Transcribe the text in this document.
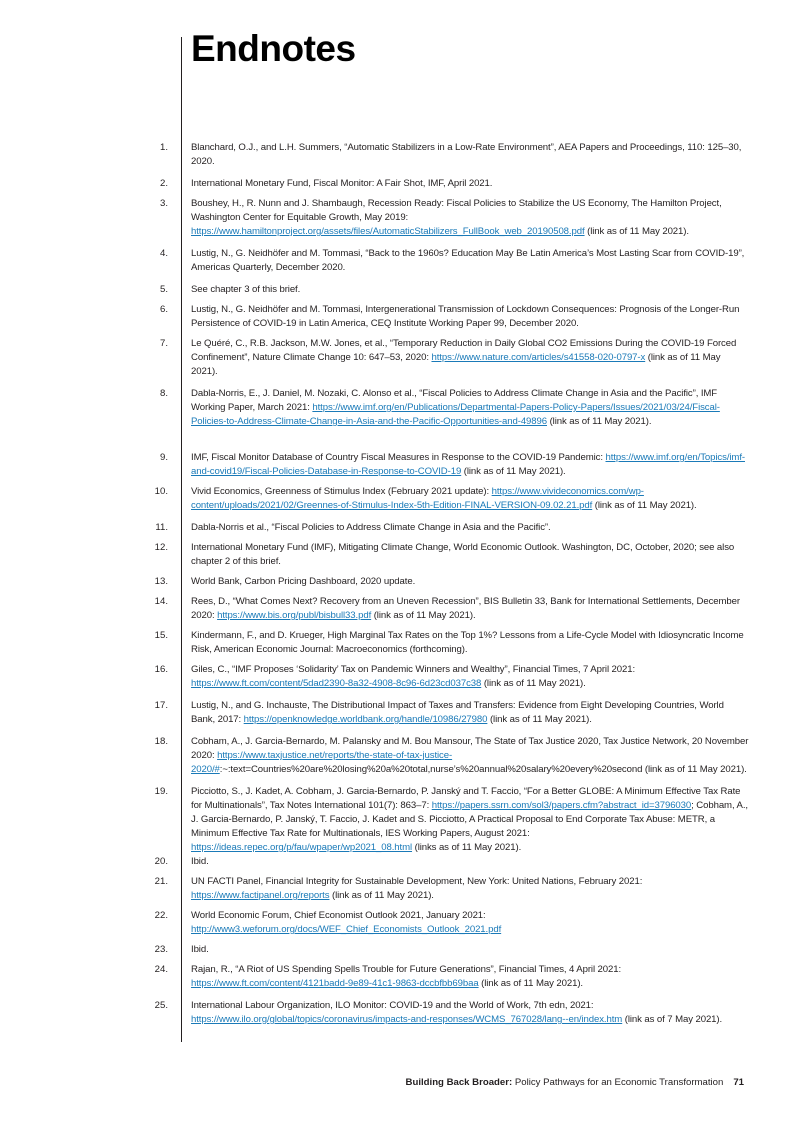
Endnotes
1. Blanchard, O.J., and L.H. Summers, “Automatic Stabilizers in a Low-Rate Environment”, AEA Papers and Proceedings, 110: 125–30, 2020.
2. International Monetary Fund, Fiscal Monitor: A Fair Shot, IMF, April 2021.
3. Boushey, H., R. Nunn and J. Shambaugh, Recession Ready: Fiscal Policies to Stabilize the US Economy, The Hamilton Project, Washington Center for Equitable Growth, May 2019: https://www.hamiltonproject.org/assets/files/AutomaticStabilizers_FullBook_web_20190508.pdf (link as of 11 May 2021).
4. Lustig, N., G. Neidhöfer and M. Tommasi, “Back to the 1960s? Education May Be Latin America’s Most Lasting Scar from COVID-19”, Americas Quarterly, December 2020.
5. See chapter 3 of this brief.
6. Lustig, N., G. Neidhöfer and M. Tommasi, Intergenerational Transmission of Lockdown Consequences: Prognosis of the Longer-Run Persistence of COVID-19 in Latin America, CEQ Institute Working Paper 99, December 2020.
7. Le Quéré, C., R.B. Jackson, M.W. Jones, et al., “Temporary Reduction in Daily Global CO2 Emissions During the COVID-19 Forced Confinement”, Nature Climate Change 10: 647–53, 2020: https://www.nature.com/articles/s41558-020-0797-x (link as of 11 May 2021).
8. Dabla-Norris, E., J. Daniel, M. Nozaki, C. Alonso et al., “Fiscal Policies to Address Climate Change in Asia and the Pacific”, IMF Working Paper, March 2021: https://www.imf.org/en/Publications/Departmental-Papers-Policy-Papers/Issues/2021/03/24/Fiscal-Policies-to-Address-Climate-Change-in-Asia-and-the-Pacific-Opportunities-and-49896 (link as of 11 May 2021).
9. IMF, Fiscal Monitor Database of Country Fiscal Measures in Response to the COVID-19 Pandemic: https://www.imf.org/en/Topics/imf-and-covid19/Fiscal-Policies-Database-in-Response-to-COVID-19 (link as of 11 May 2021).
10. Vivid Economics, Greenness of Stimulus Index (February 2021 update): https://www.vivideconomics.com/wp-content/uploads/2021/02/Greennes-of-Stimulus-Index-5th-Edition-FINAL-VERSION-09.02.21.pdf (link as of 11 May 2021).
11. Dabla-Norris et al., “Fiscal Policies to Address Climate Change in Asia and the Pacific”.
12. International Monetary Fund (IMF), Mitigating Climate Change, World Economic Outlook. Washington, DC, October, 2020; see also chapter 2 of this brief.
13. World Bank, Carbon Pricing Dashboard, 2020 update.
14. Rees, D., “What Comes Next? Recovery from an Uneven Recession”, BIS Bulletin 33, Bank for International Settlements, December 2020: https://www.bis.org/publ/bisbull33.pdf (link as of 11 May 2021).
15. Kindermann, F., and D. Krueger, High Marginal Tax Rates on the Top 1%? Lessons from a Life-Cycle Model with Idiosyncratic Income Risk, American Economic Journal: Macroeconomics (forthcoming).
16. Giles, C., “IMF Proposes ‘Solidarity’ Tax on Pandemic Winners and Wealthy”, Financial Times, 7 April 2021: https://www.ft.com/content/5dad2390-8a32-4908-8c96-6d23cd037c38 (link as of 11 May 2021).
17. Lustig, N., and G. Inchauste, The Distributional Impact of Taxes and Transfers: Evidence from Eight Developing Countries, World Bank, 2017: https://openknowledge.worldbank.org/handle/10986/27980 (link as of 11 May 2021).
18. Cobham, A., J. Garcia-Bernardo, M. Palansky and M. Bou Mansour, The State of Tax Justice 2020, Tax Justice Network, 20 November 2020: https://www.taxjustice.net/reports/the-state-of-tax-justice-2020/#:~:text=Countries%20are%20losing%20a%20total,nurse’s%20annual%20salary%20every%20second (link as of 11 May 2021).
19. Picciotto, S., J. Kadet, A. Cobham, J. Garcia-Bernardo, P. Janský and T. Faccio, “For a Better GLOBE: A Minimum Effective Tax Rate for Multinationals”, Tax Notes International 101(7): 863–7: https://papers.ssrn.com/sol3/papers.cfm?abstract_id=3796030; Cobham, A., J. Garcia-Bernardo, P. Janský, T. Faccio, J. Kadet and S. Picciotto, A Practical Proposal to End Corporate Tax Abuse: METR, a Minimum Effective Tax Rate for Multinationals, IES Working Papers, August 2021: https://ideas.repec.org/p/fau/wpaper/wp2021_08.html (links as of 11 May 2021).
20. Ibid.
21. UN FACTI Panel, Financial Integrity for Sustainable Development, New York: United Nations, February 2021: https://www.factipanel.org/reports (link as of 11 May 2021).
22. World Economic Forum, Chief Economist Outlook 2021, January 2021: http://www3.weforum.org/docs/WEF_Chief_Economists_Outlook_2021.pdf
23. Ibid.
24. Rajan, R., “A Riot of US Spending Spells Trouble for Future Generations”, Financial Times, 4 April 2021: https://www.ft.com/content/4121badd-9e89-41c1-9863-dccbfbb69baa (link as of 11 May 2021).
25. International Labour Organization, ILO Monitor: COVID-19 and the World of Work, 7th edn, 2021: https://www.ilo.org/global/topics/coronavirus/impacts-and-responses/WCMS_767028/lang--en/index.htm (link as of 7 May 2021).
Building Back Broader: Policy Pathways for an Economic Transformation 71
